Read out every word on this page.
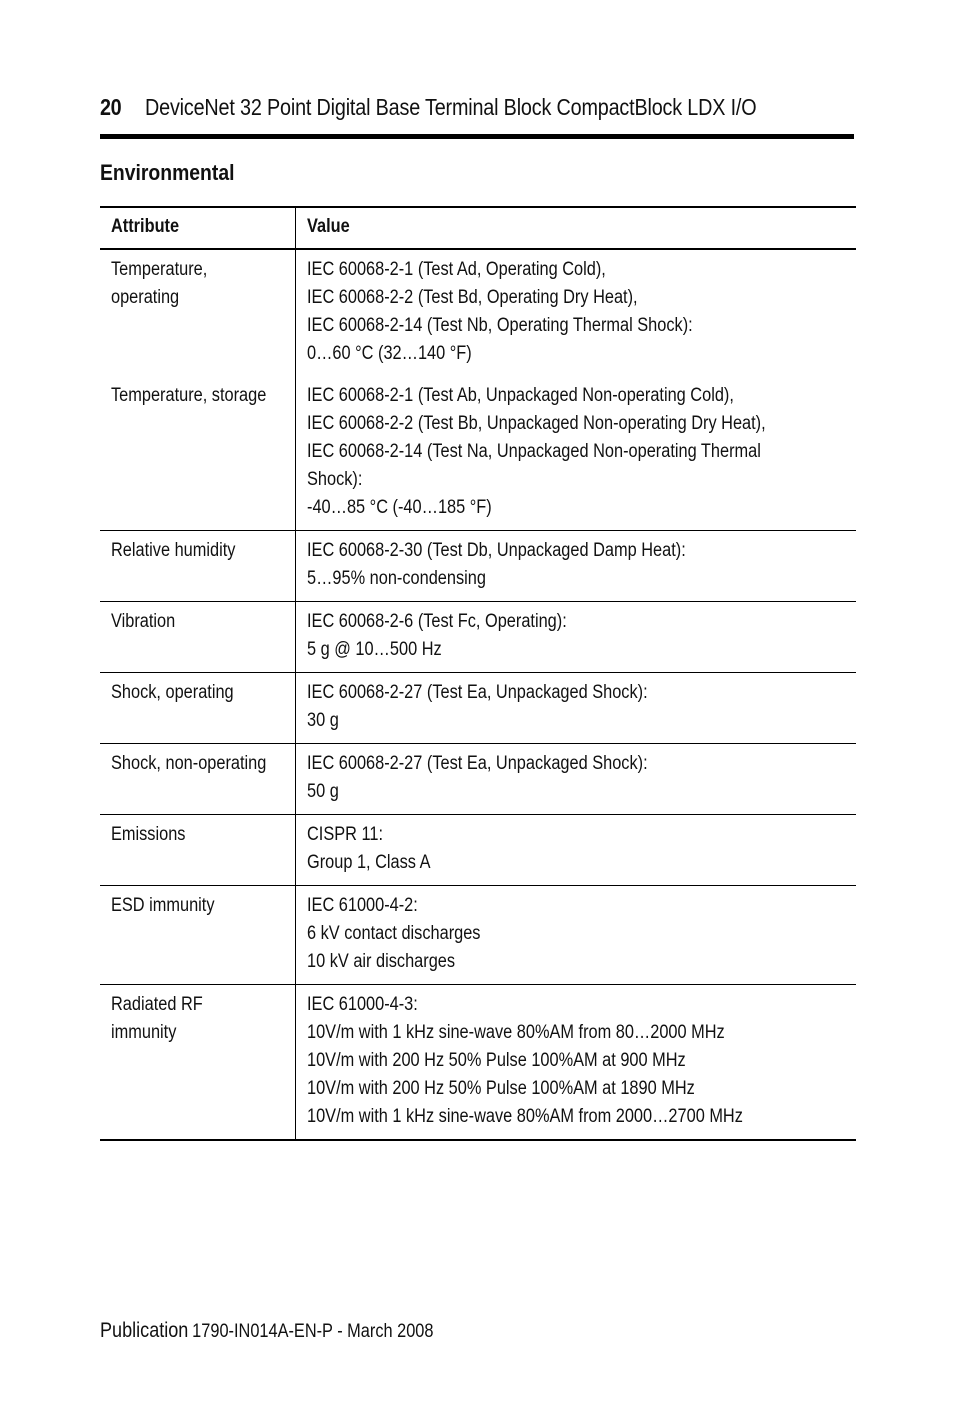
20 DeviceNet 32 Point Digital Base Terminal Block CompactBlock LDX I/O
Environmental
Attribute	Value

Temperature, operating	IEC 60068-2-1 (Test Ad, Operating Cold),
IEC 60068-2-2 (Test Bd, Operating Dry Heat),
IEC 60068-2-14 (Test Nb, Operating Thermal Shock):
0…60 °C (32…140 °F)

Temperature, storage	IEC 60068-2-1 (Test Ab, Unpackaged Non-operating Cold),
IEC 60068-2-2 (Test Bb, Unpackaged Non-operating Dry Heat),
IEC 60068-2-14 (Test Na, Unpackaged Non-operating Thermal
Shock):
-40…85 °C (-40…185 °F)

Relative humidity	IEC 60068-2-30 (Test Db, Unpackaged Damp Heat):
5…95% non-condensing

Vibration	IEC 60068-2-6 (Test Fc, Operating):
5 g @ 10…500 Hz

Shock, operating	IEC 60068-2-27 (Test Ea, Unpackaged Shock):
30 g

Shock, non-operating	IEC 60068-2-27 (Test Ea, Unpackaged Shock):
50 g

Emissions	CISPR 11:
Group 1, Class A

ESD immunity	IEC 61000-4-2:
6 kV contact discharges
10 kV air discharges

Radiated RF immunity	IEC 61000-4-3:
10V/m with 1 kHz sine-wave 80%AM from 80…2000 MHz
10V/m with 200 Hz 50% Pulse 100%AM at 900 MHz
10V/m with 200 Hz 50% Pulse 100%AM at 1890 MHz
10V/m with 1 kHz sine-wave 80%AM from 2000…2700 MHz
Publication 1790-IN014A-EN-P - March 2008
